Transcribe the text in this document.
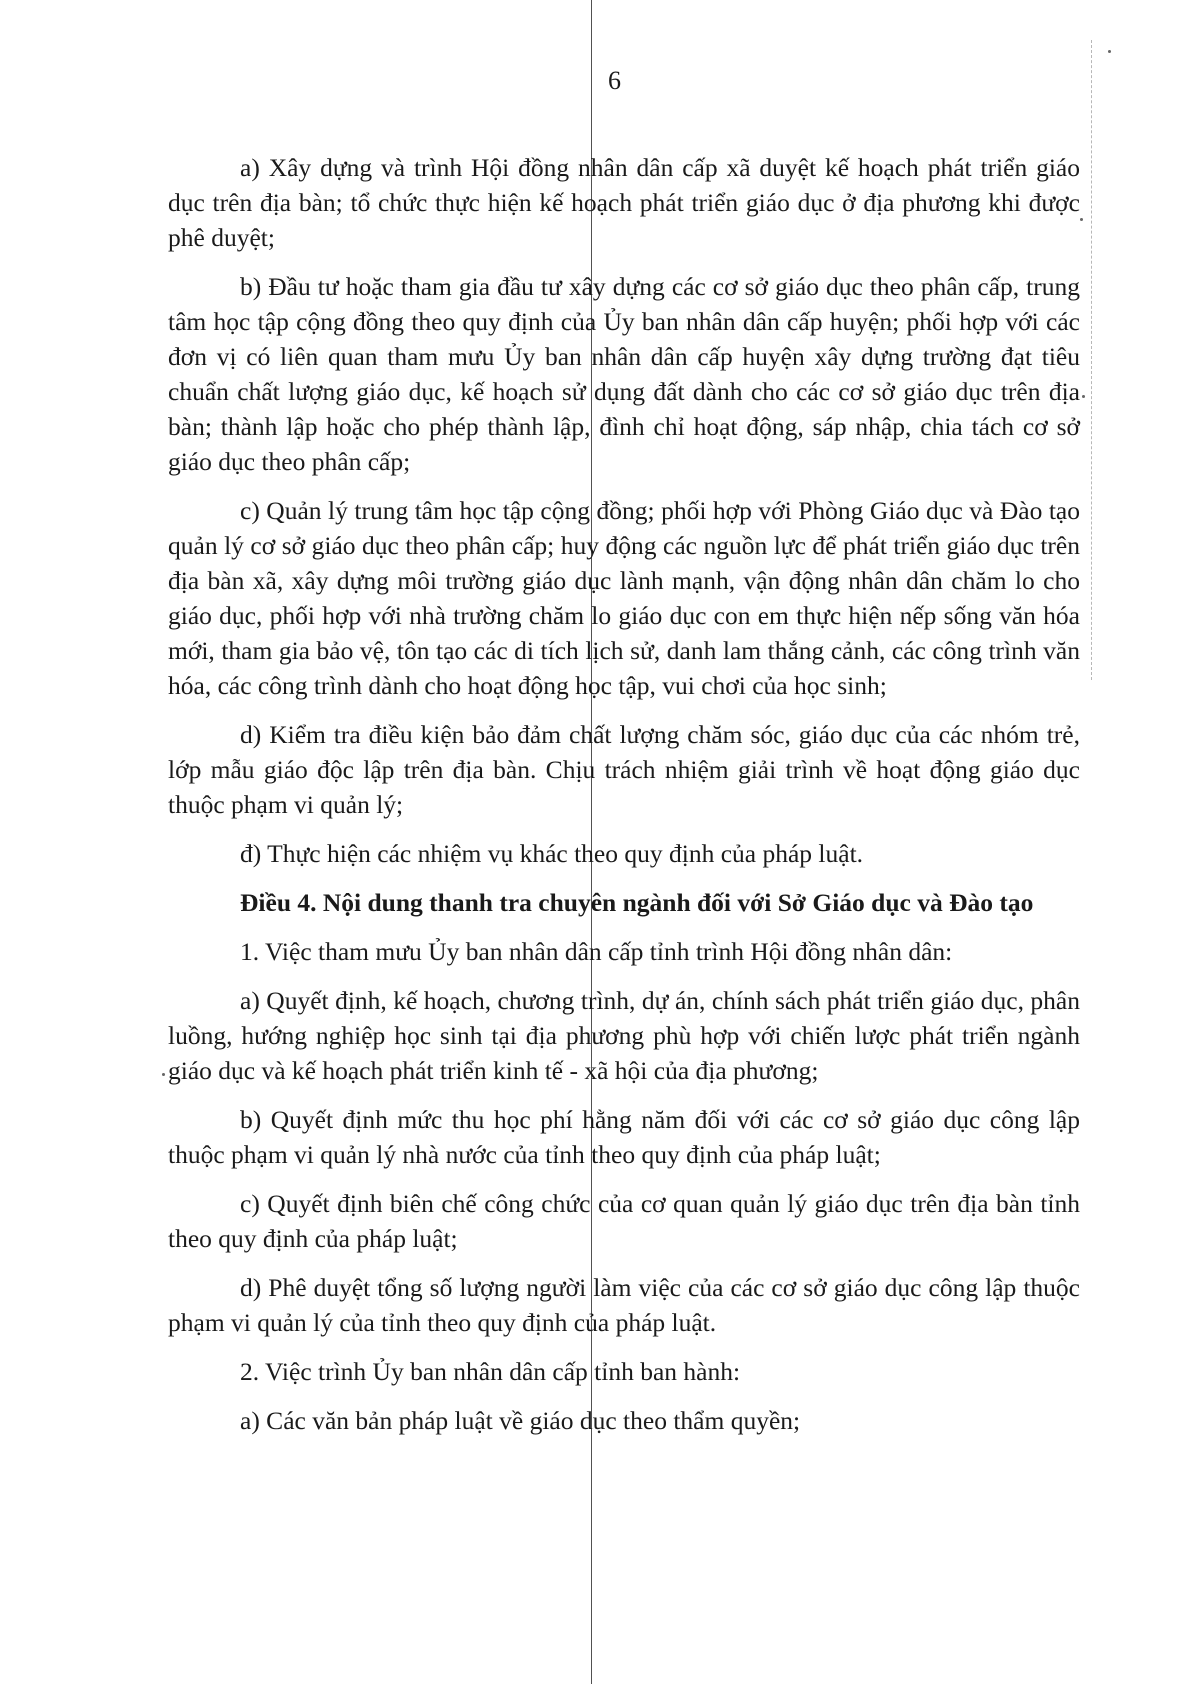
6

a) Xây dựng và trình Hội đồng nhân dân cấp xã duyệt kế hoạch phát triển giáo dục trên địa bàn; tổ chức thực hiện kế hoạch phát triển giáo dục ở địa phương khi được phê duyệt;

b) Đầu tư hoặc tham gia đầu tư xây dựng các cơ sở giáo dục theo phân cấp, trung tâm học tập cộng đồng theo quy định của Ủy ban nhân dân cấp huyện; phối hợp với các đơn vị có liên quan tham mưu Ủy ban nhân dân cấp huyện xây dựng trường đạt tiêu chuẩn chất lượng giáo dục, kế hoạch sử dụng đất dành cho các cơ sở giáo dục trên địa bàn; thành lập hoặc cho phép thành lập, đình chỉ hoạt động, sáp nhập, chia tách cơ sở giáo dục theo phân cấp;

c) Quản lý trung tâm học tập cộng đồng; phối hợp với Phòng Giáo dục và Đào tạo quản lý cơ sở giáo dục theo phân cấp; huy động các nguồn lực để phát triển giáo dục trên địa bàn xã, xây dựng môi trường giáo dục lành mạnh, vận động nhân dân chăm lo cho giáo dục, phối hợp với nhà trường chăm lo giáo dục con em thực hiện nếp sống văn hóa mới, tham gia bảo vệ, tôn tạo các di tích lịch sử, danh lam thắng cảnh, các công trình văn hóa, các công trình dành cho hoạt động học tập, vui chơi của học sinh;

d) Kiểm tra điều kiện bảo đảm chất lượng chăm sóc, giáo dục của các nhóm trẻ, lớp mẫu giáo độc lập trên địa bàn. Chịu trách nhiệm giải trình về hoạt động giáo dục thuộc phạm vi quản lý;

đ) Thực hiện các nhiệm vụ khác theo quy định của pháp luật.

Điều 4. Nội dung thanh tra chuyên ngành đối với Sở Giáo dục và Đào tạo

1. Việc tham mưu Ủy ban nhân dân cấp tỉnh trình Hội đồng nhân dân:

a) Quyết định, kế hoạch, chương trình, dự án, chính sách phát triển giáo dục, phân luồng, hướng nghiệp học sinh tại địa phương phù hợp với chiến lược phát triển ngành giáo dục và kế hoạch phát triển kinh tế - xã hội của địa phương;

b) Quyết định mức thu học phí hằng năm đối với các cơ sở giáo dục công lập thuộc phạm vi quản lý nhà nước của tỉnh theo quy định của pháp luật;

c) Quyết định biên chế công chức của cơ quan quản lý giáo dục trên địa bàn tỉnh theo quy định của pháp luật;

d) Phê duyệt tổng số lượng người làm việc của các cơ sở giáo dục công lập thuộc phạm vi quản lý của tỉnh theo quy định của pháp luật.

2. Việc trình Ủy ban nhân dân cấp tỉnh ban hành:

a) Các văn bản pháp luật về giáo dục theo thẩm quyền;
